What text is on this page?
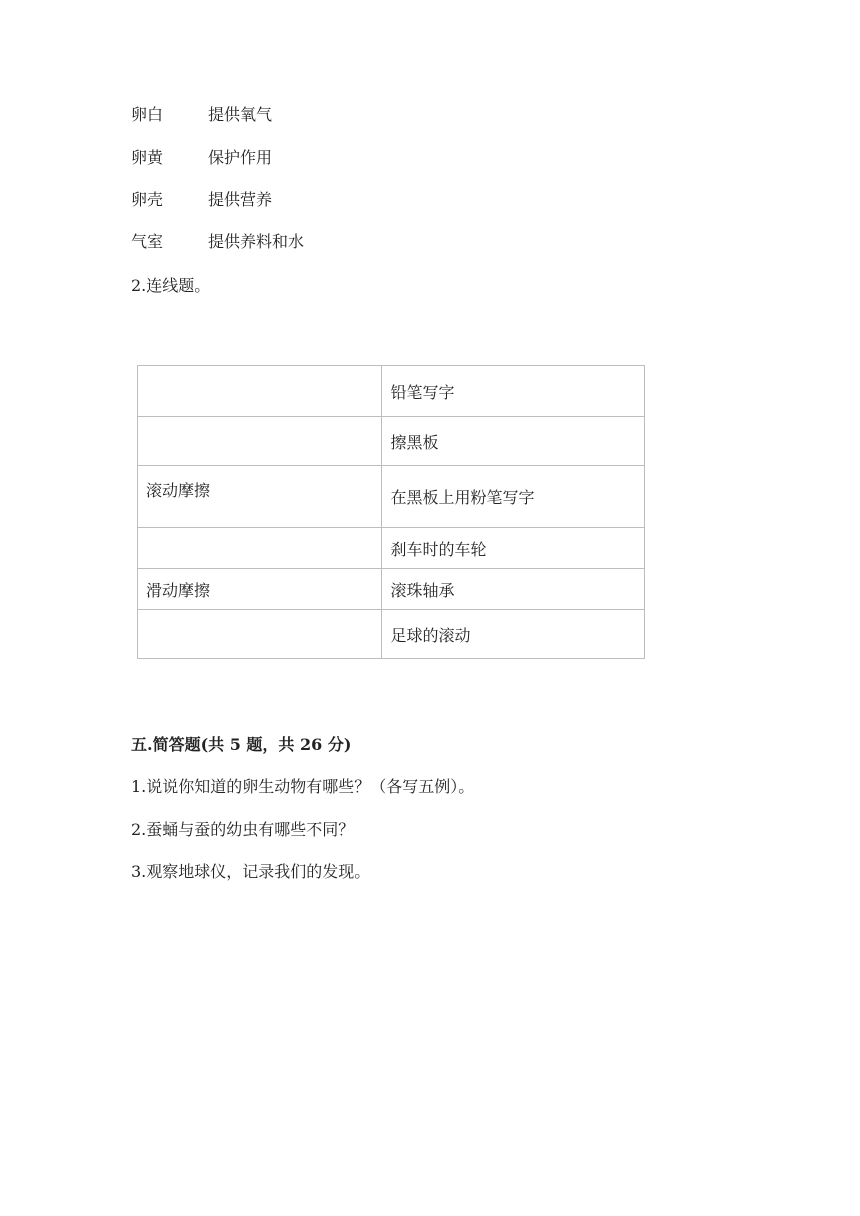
卵白	提供氧气
卵黄	保护作用
卵壳	提供营养
气室	提供养料和水
2.连线题。
	铅笔写字
	擦黑板
滚动摩擦	在黑板上用粉笔写字
	刹车时的车轮
滑动摩擦	滚珠轴承
	足球的滚动
五.简答题(共 5 题，共 26 分)
1.说说你知道的卵生动物有哪些？（各写五例）。
2.蚕蛹与蚕的幼虫有哪些不同？
3.观察地球仪，记录我们的发现。
